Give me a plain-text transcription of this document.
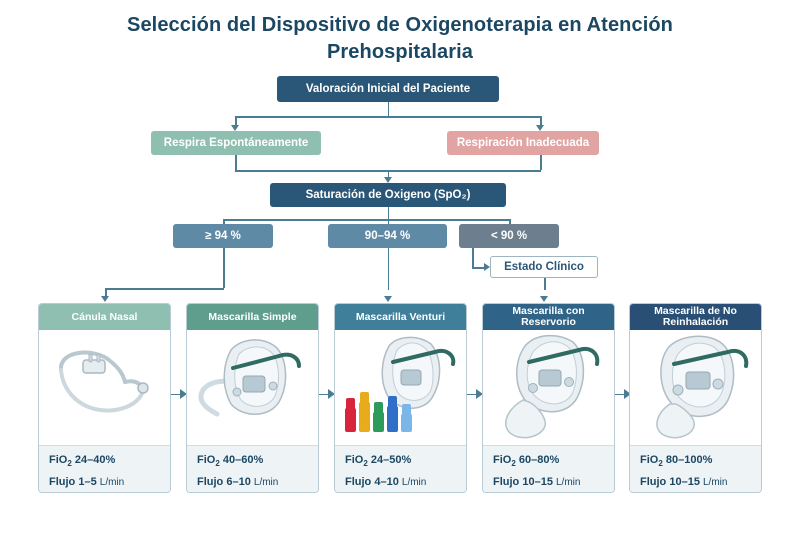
Selección del Dispositivo de Oxigenoterapia en Atención Prehospitalaria
Valoración Inicial del Paciente
Respira Espontáneamente	Respiración Inadecuada
Saturación de Oxigeno (SpO₂)
≥ 94 %	90–94 %	< 90 %
Estado Clínico
Cánula Nasal
FiO$_2$ 24–40%
Flujo 1–5 L/min
Mascarilla Simple
FiO$_2$ 40–60%
Flujo 6–10 L/min
Mascarilla Venturi
FiO$_2$ 24–50%
Flujo 4–10 L/min
Mascarilla con Reservorio
FiO$_2$ 60–80%
Flujo 10–15 L/min
Mascarilla de No Reinhalación
FiO$_2$ 80–100%
Flujo 10–15 L/min
